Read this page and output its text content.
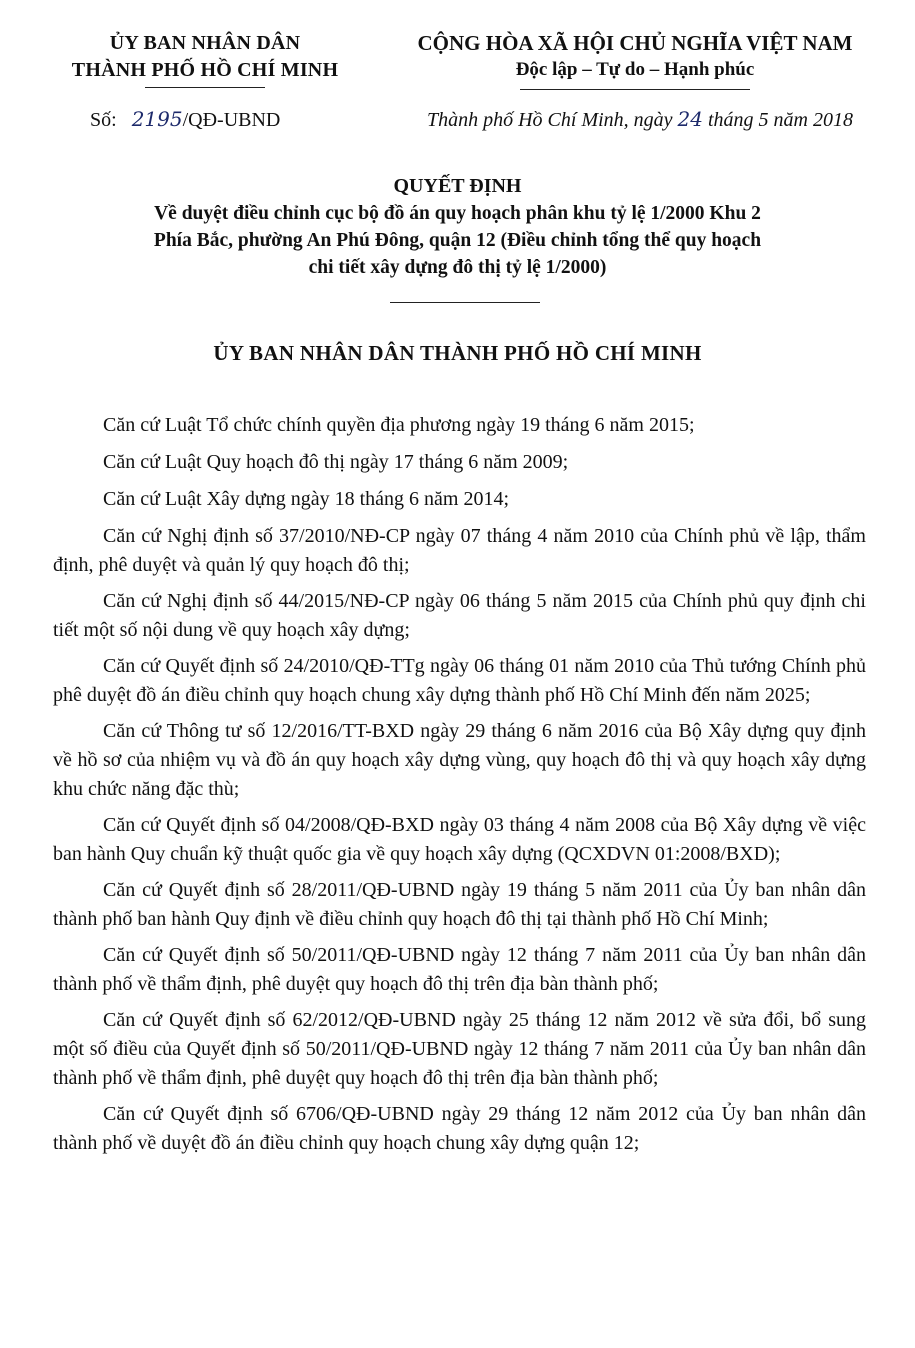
ỦY BAN NHÂN DÂN
THÀNH PHỐ HỒ CHÍ MINH
CỘNG HÒA XÃ HỘI CHỦ NGHĨA VIỆT NAM
Độc lập – Tự do – Hạnh phúc
Số: 2195/QĐ-UBND	Thành phố Hồ Chí Minh, ngày 24 tháng 5 năm 2018
QUYẾT ĐỊNH
Về duyệt điều chỉnh cục bộ đồ án quy hoạch phân khu tỷ lệ 1/2000 Khu 2
Phía Bắc, phường An Phú Đông, quận 12 (Điều chỉnh tổng thể quy hoạch
chi tiết xây dựng đô thị tỷ lệ 1/2000)
ỦY BAN NHÂN DÂN THÀNH PHỐ HỒ CHÍ MINH

Căn cứ Luật Tổ chức chính quyền địa phương ngày 19 tháng 6 năm 2015;

Căn cứ Luật Quy hoạch đô thị ngày 17 tháng 6 năm 2009;

Căn cứ Luật Xây dựng ngày 18 tháng 6 năm 2014;

Căn cứ Nghị định số 37/2010/NĐ-CP ngày 07 tháng 4 năm 2010 của Chính phủ về lập, thẩm định, phê duyệt và quản lý quy hoạch đô thị;

Căn cứ Nghị định số 44/2015/NĐ-CP ngày 06 tháng 5 năm 2015 của Chính phủ quy định chi tiết một số nội dung về quy hoạch xây dựng;

Căn cứ Quyết định số 24/2010/QĐ-TTg ngày 06 tháng 01 năm 2010 của Thủ tướng Chính phủ phê duyệt đồ án điều chỉnh quy hoạch chung xây dựng thành phố Hồ Chí Minh đến năm 2025;

Căn cứ Thông tư số 12/2016/TT-BXD ngày 29 tháng 6 năm 2016 của Bộ Xây dựng quy định về hồ sơ của nhiệm vụ và đồ án quy hoạch xây dựng vùng, quy hoạch đô thị và quy hoạch xây dựng khu chức năng đặc thù;

Căn cứ Quyết định số 04/2008/QĐ-BXD ngày 03 tháng 4 năm 2008 của Bộ Xây dựng về việc ban hành Quy chuẩn kỹ thuật quốc gia về quy hoạch xây dựng (QCXDVN 01:2008/BXD);

Căn cứ Quyết định số 28/2011/QĐ-UBND ngày 19 tháng 5 năm 2011 của Ủy ban nhân dân thành phố ban hành Quy định về điều chỉnh quy hoạch đô thị tại thành phố Hồ Chí Minh;

Căn cứ Quyết định số 50/2011/QĐ-UBND ngày 12 tháng 7 năm 2011 của Ủy ban nhân dân thành phố về thẩm định, phê duyệt quy hoạch đô thị trên địa bàn thành phố;

Căn cứ Quyết định số 62/2012/QĐ-UBND ngày 25 tháng 12 năm 2012 về sửa đổi, bổ sung một số điều của Quyết định số 50/2011/QĐ-UBND ngày 12 tháng 7 năm 2011 của Ủy ban nhân dân thành phố về thẩm định, phê duyệt quy hoạch đô thị trên địa bàn thành phố;

Căn cứ Quyết định số 6706/QĐ-UBND ngày 29 tháng 12 năm 2012 của Ủy ban nhân dân thành phố về duyệt đồ án điều chỉnh quy hoạch chung xây dựng quận 12;
